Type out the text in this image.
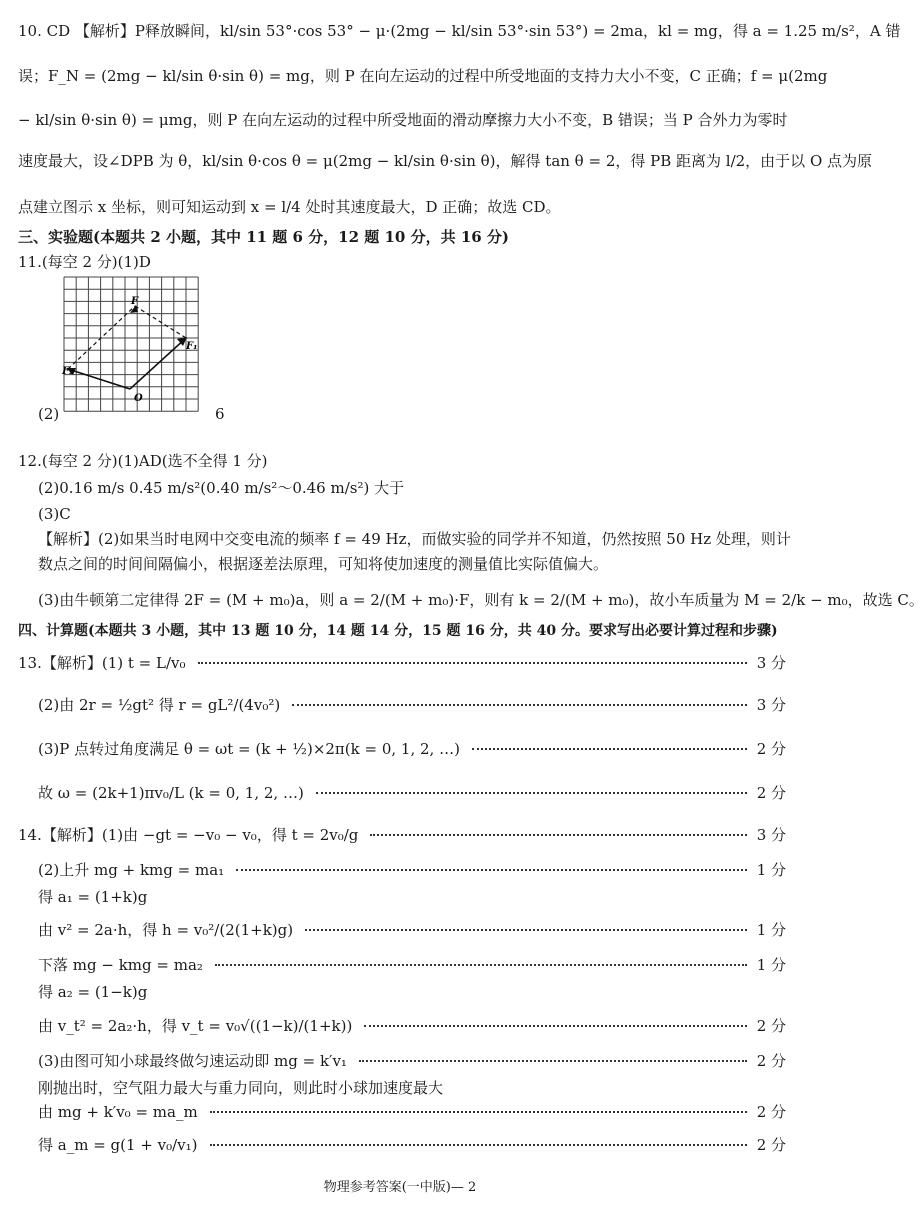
10. CD 【解析】P释放瞬间，kl/sin 53°·cos 53° − μ·(2mg − kl/sin 53°·sin 53°) = 2ma，kl = mg，得 a = 1.25 m/s²，A 错
误；F_N = (2mg − kl/sin θ·sin θ) = mg，则 P 在向左运动的过程中所受地面的支持力大小不变，C 正确；f = μ(2mg
− kl/sin θ·sin θ) = μmg，则 P 在向左运动的过程中所受地面的滑动摩擦力大小不变，B 错误；当 P 合外力为零时
速度最大，设∠DPB 为 θ，kl/sin θ·cos θ = μ(2mg − kl/sin θ·sin θ)，解得 tan θ = 2，得 PB 距离为 l/2，由于以 O 点为原
点建立图示 x 坐标，则可知运动到 x = l/4 处时其速度最大，D 正确；故选 CD。
三、实验题(本题共 2 小题，其中 11 题 6 分，12 题 10 分，共 16 分)
11.(每空 2 分)(1)D
F
F₁
F₂
O
(2)	6
12.(每空 2 分)(1)AD(选不全得 1 分)
(2)0.16 m/s 0.45 m/s²(0.40 m/s²～0.46 m/s²) 大于
(3)C
【解析】(2)如果当时电网中交变电流的频率 f = 49 Hz，而做实验的同学并不知道，仍然按照 50 Hz 处理，则计
数点之间的时间间隔偏小，根据逐差法原理，可知将使加速度的测量值比实际值偏大。
(3)由牛顿第二定律得 2F = (M + m₀)a，则 a = 2/(M + m₀)·F，则有 k = 2/(M + m₀)，故小车质量为 M = 2/k − m₀，故选 C。
四、计算题(本题共 3 小题，其中 13 题 10 分，14 题 14 分，15 题 16 分，共 40 分。要求写出必要计算过程和步骤)
13.【解析】(1) t = L/v₀	3 分
(2)由 2r = ½gt² 得 r = gL²/(4v₀²)	3 分
(3)P 点转过角度满足 θ = ωt = (k + ½)×2π(k = 0, 1, 2, …)	2 分
故 ω = (2k+1)πv₀/L (k = 0, 1, 2, …)	2 分
14.【解析】(1)由 −gt = −v₀ − v₀，得 t = 2v₀/g	3 分
(2)上升 mg + kmg = ma₁	1 分
得 a₁ = (1+k)g
由 v² = 2a·h，得 h = v₀²/(2(1+k)g)	1 分
下落 mg − kmg = ma₂	1 分
得 a₂ = (1−k)g
由 v_t² = 2a₂·h，得 v_t = v₀√((1−k)/(1+k))	2 分
(3)由图可知小球最终做匀速运动即 mg = k′v₁	2 分
刚抛出时，空气阻力最大与重力同向，则此时小球加速度最大
由 mg + k′v₀ = ma_m	2 分
得 a_m = g(1 + v₀/v₁)	2 分
物理参考答案(一中版)— 2
